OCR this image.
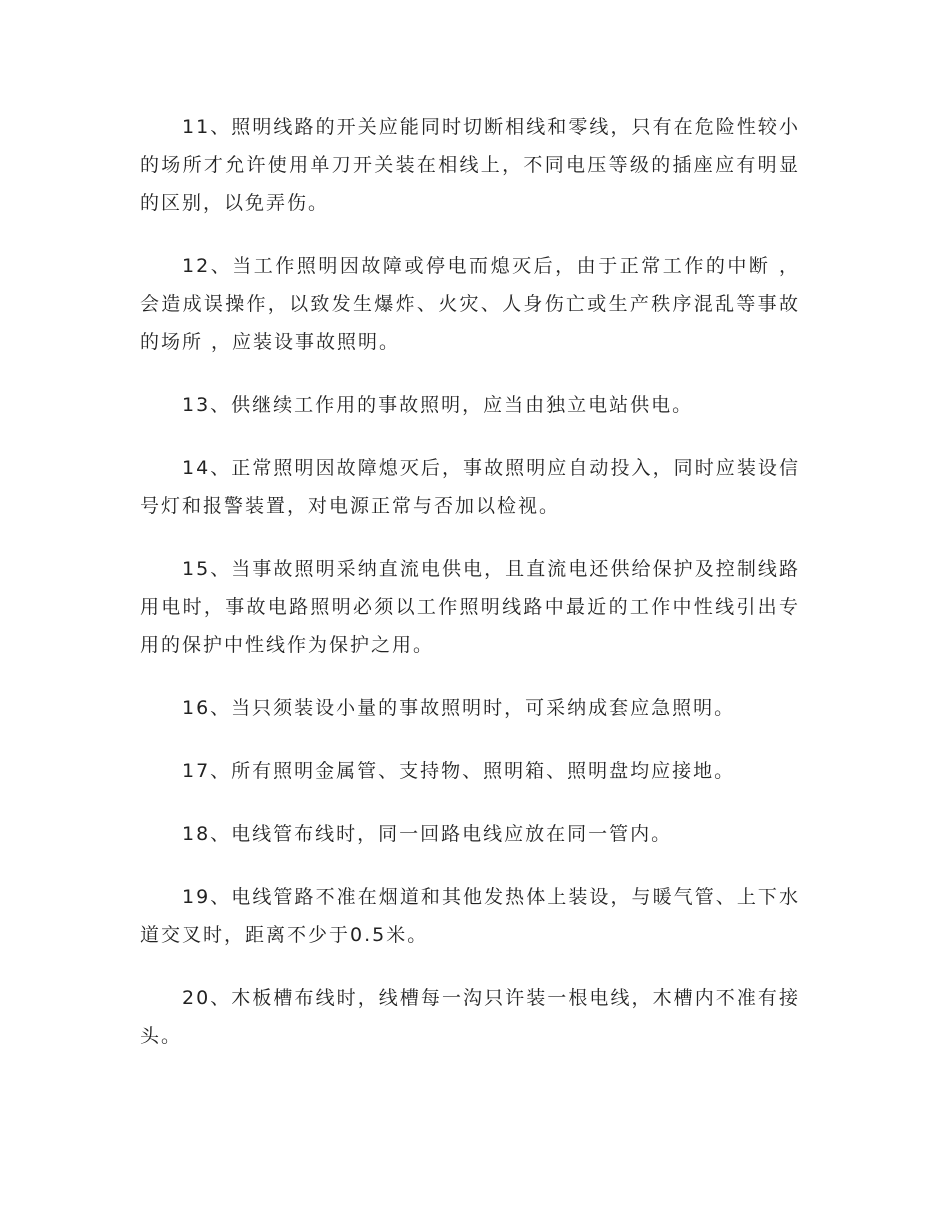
11、照明线路的开关应能同时切断相线和零线，只有在危险性较小的场所才允许使用单刀开关装在相线上，不同电压等级的插座应有明显的区别，以免弄伤。

12、当工作照明因故障或停电而熄灭后，由于正常工作的中断 ，会造成误操作，以致发生爆炸、火灾、人身伤亡或生产秩序混乱等事故的场所 ，应装设事故照明。

13、供继续工作用的事故照明，应当由独立电站供电。

14、正常照明因故障熄灭后，事故照明应自动投入，同时应装设信号灯和报警装置，对电源正常与否加以检视。

15、当事故照明采纳直流电供电，且直流电还供给保护及控制线路用电时，事故电路照明必须以工作照明线路中最近的工作中性线引出专用的保护中性线作为保护之用。

16、当只须装设小量的事故照明时，可采纳成套应急照明。

17、所有照明金属管、支持物、照明箱、照明盘均应接地。

18、电线管布线时，同一回路电线应放在同一管内。

19、电线管路不准在烟道和其他发热体上装设，与暖气管、上下水道交叉时，距离不少于0.5米。

20、木板槽布线时，线槽每一沟只许装一根电线，木槽内不准有接头。
